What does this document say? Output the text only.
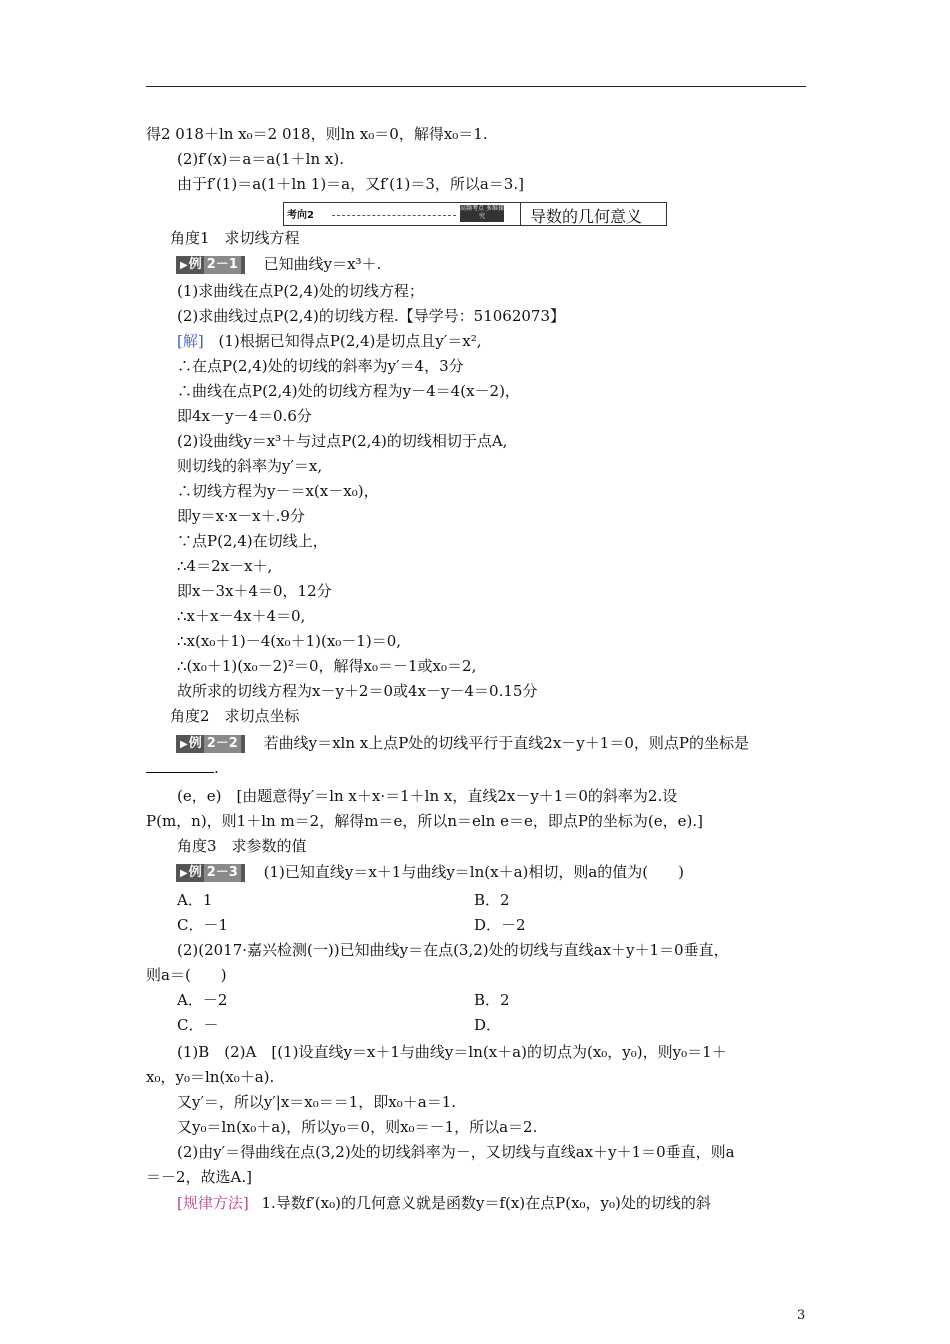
得2 018＋ln x₀＝2 018，则ln x₀＝0，解得x₀＝1.
(2)f′(x)＝a＝a(1＋ln x).
由于f′(1)＝a(1＋ln 1)＝a，又f′(1)＝3，所以a＝3.]
考向2
高频考点 多维探究	导数的几何意义
角度1　求切线方程
▶例 2－1 已知曲线y＝x³＋.
(1)求曲线在点P(2,4)处的切线方程；
(2)求曲线过点P(2,4)的切线方程.【导学号：51062073】
[解] (1)根据已知得点P(2,4)是切点且y′＝x²,
∴在点P(2,4)处的切线的斜率为y′＝4，3分
∴曲线在点P(2,4)处的切线方程为y－4＝4(x－2)，
即4x－y－4＝0.6分
(2)设曲线y＝x³＋与过点P(2,4)的切线相切于点A,
则切线的斜率为y′＝x,
∴切线方程为y－＝x(x－x₀)，
即y＝x·x－x＋.9分
∵点P(2,4)在切线上，
∴4＝2x－x＋,
即x－3x＋4＝0，12分
∴x＋x－4x＋4＝0,
∴x(x₀＋1)－4(x₀＋1)(x₀－1)＝0,
∴(x₀＋1)(x₀－2)²＝0，解得x₀＝－1或x₀＝2,
故所求的切线方程为x－y＋2＝0或4x－y－4＝0.15分
角度2　求切点坐标
▶例 2－2 若曲线y＝xln x上点P处的切线平行于直线2x－y＋1＝0，则点P的坐标是
.
(e，e)　[由题意得y′＝ln x＋x·＝1＋ln x，直线2x－y＋1＝0的斜率为2.设
P(m，n)，则1＋ln m＝2，解得m＝e，所以n＝eln e＝e，即点P的坐标为(e，e).]
角度3　求参数的值
▶例 2－3 (1)已知直线y＝x＋1与曲线y＝ln(x＋a)相切，则a的值为(　　)
A．1	B．2
C．－1	D．－2
(2)(2017·嘉兴检测(一))已知曲线y＝在点(3,2)处的切线与直线ax＋y＋1＝0垂直，
则a＝(　　)
A．－2	B．2
C．－	D．
(1)B　(2)A　[(1)设直线y＝x＋1与曲线y＝ln(x＋a)的切点为(x₀，y₀)，则y₀＝1＋
x₀，y₀＝ln(x₀＋a).
又y′＝，所以y′|x＝x₀＝＝1，即x₀＋a＝1.
又y₀＝ln(x₀＋a)，所以y₀＝0，则x₀＝－1，所以a＝2.
(2)由y′＝得曲线在点(3,2)处的切线斜率为－，又切线与直线ax＋y＋1＝0垂直，则a
＝－2，故选A.]
[规律方法] 1.导数f′(x₀)的几何意义就是函数y＝f(x)在点P(x₀，y₀)处的切线的斜
3
